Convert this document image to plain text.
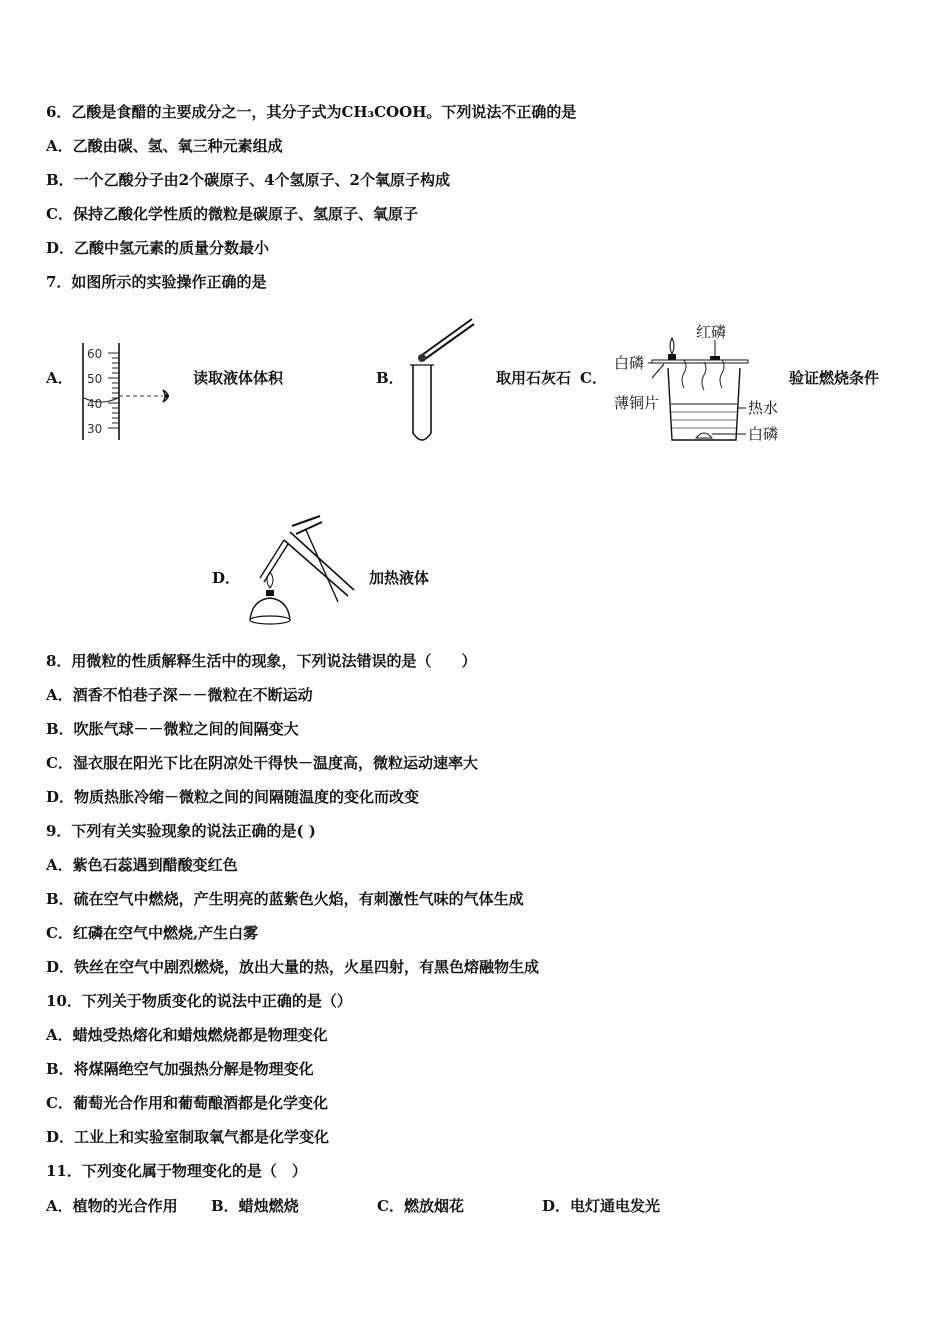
6．乙酸是食醋的主要成分之一，其分子式为CH₃COOH。下列说法不正确的是
A．乙酸由碳、氢、氧三种元素组成
B．一个乙酸分子由2个碳原子、4个氢原子、2个氧原子构成
C．保持乙酸化学性质的微粒是碳原子、氢原子、氧原子
D．乙酸中氢元素的质量分数最小
7．如图所示的实验操作正确的是
A．
60
50
40
30
读取液体体积	B．	取用石灰石 C．
红磷
白磷
薄铜片	热水
白磷
验证燃烧条件
D．	加热液体
8．用微粒的性质解释生活中的现象，下列说法错误的是（　　）
A．酒香不怕巷子深－－微粒在不断运动
B．吹胀气球－－微粒之间的间隔变大
C．湿衣服在阳光下比在阴凉处干得快－温度高，微粒运动速率大
D．物质热胀冷缩－微粒之间的间隔随温度的变化而改变
9．下列有关实验现象的说法正确的是( )
A．紫色石蕊遇到醋酸变红色
B．硫在空气中燃烧，产生明亮的蓝紫色火焰，有刺激性气味的气体生成
C．红磷在空气中燃烧,产生白雾
D．铁丝在空气中剧烈燃烧，放出大量的热，火星四射，有黑色熔融物生成
10．下列关于物质变化的说法中正确的是（）
A．蜡烛受热熔化和蜡烛燃烧都是物理变化
B．将煤隔绝空气加强热分解是物理变化
C．葡萄光合作用和葡萄酿酒都是化学变化
D．工业上和实验室制取氧气都是化学变化
11．下列变化属于物理变化的是（　）
A．植物的光合作用 B．蜡烛燃烧	C．燃放烟花	D．电灯通电发光
